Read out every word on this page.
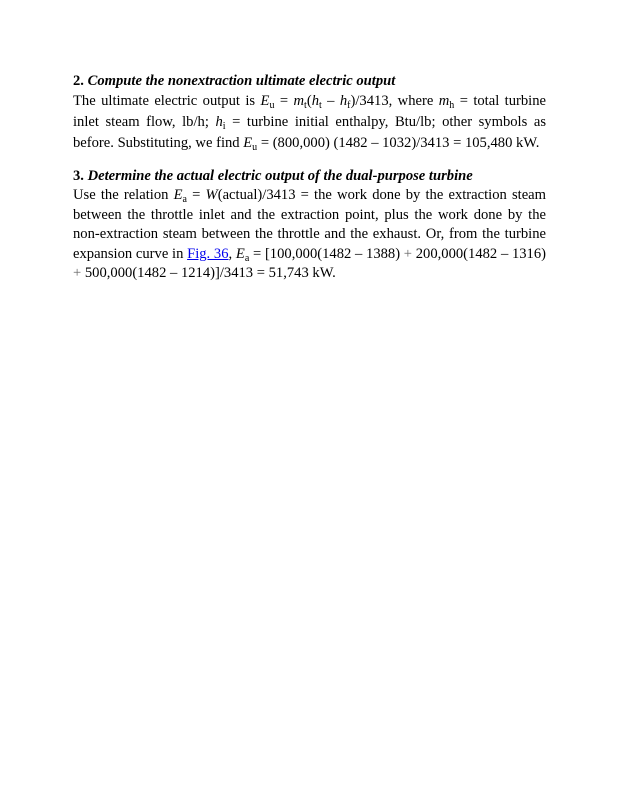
2. Compute the nonextraction ultimate electric output

The ultimate electric output is $E_u = m_t(h_t - h_f)/3413$, where $m_h$ = total turbine inlet steam flow, lb/h; $h_i$ = turbine initial enthalpy, Btu/lb; other symbols as before. Substituting, we find $E_u = (800,000)$ (1482 – 1032)/3413 = 105,480 kW.

3. Determine the actual electric output of the dual-purpose turbine

Use the relation $E_a$ = W(actual)/3413 = the work done by the extraction steam between the throttle inlet and the extraction point, plus the work done by the non-extraction steam between the throttle and the exhaust. Or, from the turbine expansion curve in Fig. 36, $E_a = [100,000(1482 - 1388) + 200,000(1482 - 1316) + 500,000(1482 - 1214)]/3413 = 51,743$ kW.
